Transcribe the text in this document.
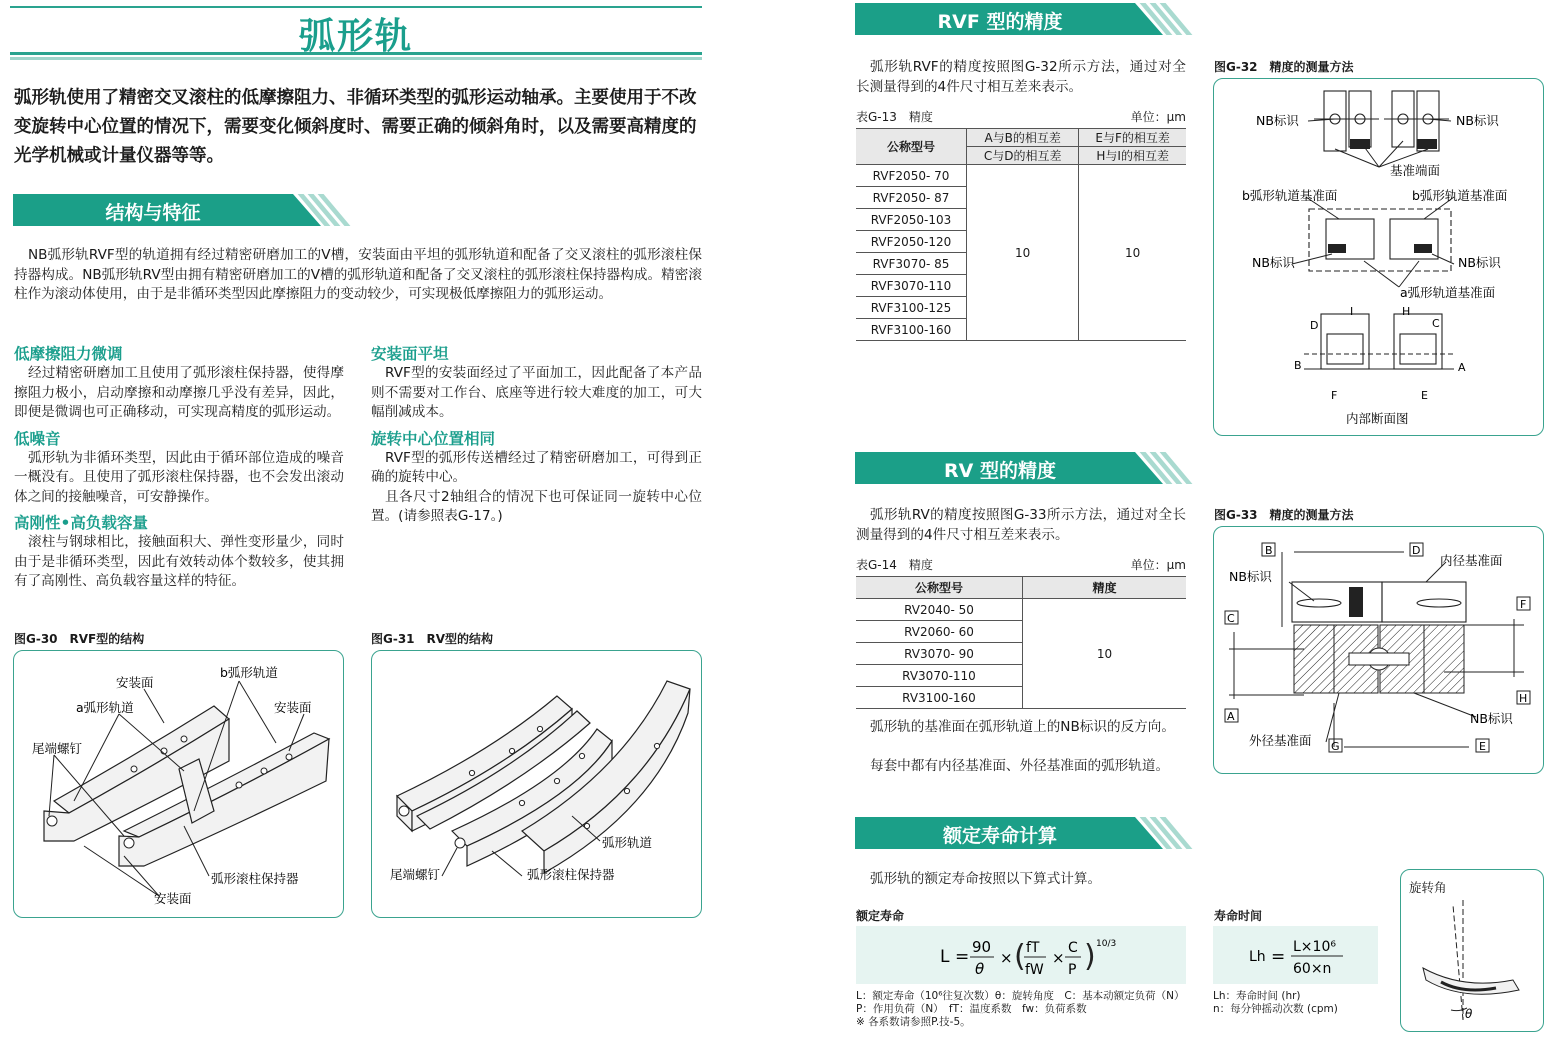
弧形轨
弧形轨使用了精密交叉滚柱的低摩擦阻力、非循环类型的弧形运动轴承。主要使用于不改变旋转中心位置的情况下，需要变化倾斜度时、需要正确的倾斜角时，以及需要高精度的光学机械或计量仪器等等。
结构与特征
NB弧形轨RVF型的轨道拥有经过精密研磨加工的V槽，安装面由平坦的弧形轨道和配备了交叉滚柱的弧形滚柱保持器构成。NB弧形轨RV型由拥有精密研磨加工的V槽的弧形轨道和配备了交叉滚柱的弧形滚柱保持器构成。精密滚柱作为滚动体使用，由于是非循环类型因此摩擦阻力的变动较少，可实现极低摩擦阻力的弧形运动。
低摩擦阻力微调
经过精密研磨加工且使用了弧形滚柱保持器，使得摩擦阻力极小，启动摩擦和动摩擦几乎没有差异，因此，即便是微调也可正确移动，可实现高精度的弧形运动。
低噪音
弧形轨为非循环类型，因此由于循环部位造成的噪音一概没有。且使用了弧形滚柱保持器，也不会发出滚动体之间的接触噪音，可安静操作。
高刚性•高负载容量
滚柱与钢球相比，接触面积大、弹性变形量少，同时由于是非循环类型，因此有效转动体个数较多，使其拥有了高刚性、高负载容量这样的特征。
安装面平坦
RVF型的安装面经过了平面加工，因此配备了本产品则不需要对工作台、底座等进行较大难度的加工，可大幅削减成本。
旋转中心位置相同
RVF型的弧形传送槽经过了精密研磨加工，可得到正确的旋转中心。
且各尺寸2轴组合的情况下也可保证同一旋转中心位置。(请参照表G-17。)
图G-30　RVF型的结构
安装面
b弧形轨道
a弧形轨道	安装面
尾端螺钉
弧形滚柱保持器
安装面
图G-31　RV型的结构
弧形轨道
尾端螺钉	弧形滚柱保持器
RVF 型的精度
弧形轨RVF的精度按照图G-32所示方法，通过对全长测量得到的4件尺寸相互差来表示。
表G-13　精度	单位：μm
公称型号	A与B的相互差	E与F的相互差
	C与D的相互差	H与I的相互差
RVF2050- 70	10	10
RVF2050- 87		
RVF2050-103		
RVF2050-120		
RVF3070- 85		
RVF3070-110		
RVF3100-125		
RVF3100-160		
图G-32　精度的测量方法
NB标识	NB标识
基准端面
b弧形轨道基准面	b弧形轨道基准面
NB标识	NB标识
a弧形轨道基准面
内部断面图
D
I	H
C
B	A
F	E
RV 型的精度
弧形轨RV的精度按照图G-33所示方法，通过对全长测量得到的4件尺寸相互差来表示。
表G-14　精度	单位：μm
公称型号	精度
RV2040- 50	10
RV2060- 60	
RV3070- 90	
RV3070-110	
RV3100-160	
弧形轨的基准面在弧形轨道上的NB标识的反方向。
每套中都有内径基准面、外径基准面的弧形轨道。
图G-33　精度的测量方法
B	D
C
F
H
A
G	E
NB标识
内径基准面
外径基准面
NB标识
额定寿命计算
弧形轨的额定寿命按照以下算式计算。
额定寿命
L = 90
θ
× ( fT
fW
×
C
P ) 10/3
寿命时间
Lh = L×10⁶
60×n
旋转角
θ
L：额定寿命（10⁶往复次数）θ：旋转角度　C：基本动额定负荷（N）
P：作用负荷（N）　fT：温度系数　fw：负荷系数
※ 各系数请参照P.技-5。
Lh：寿命时间 (hr)
n：每分钟摇动次数 (cpm)
